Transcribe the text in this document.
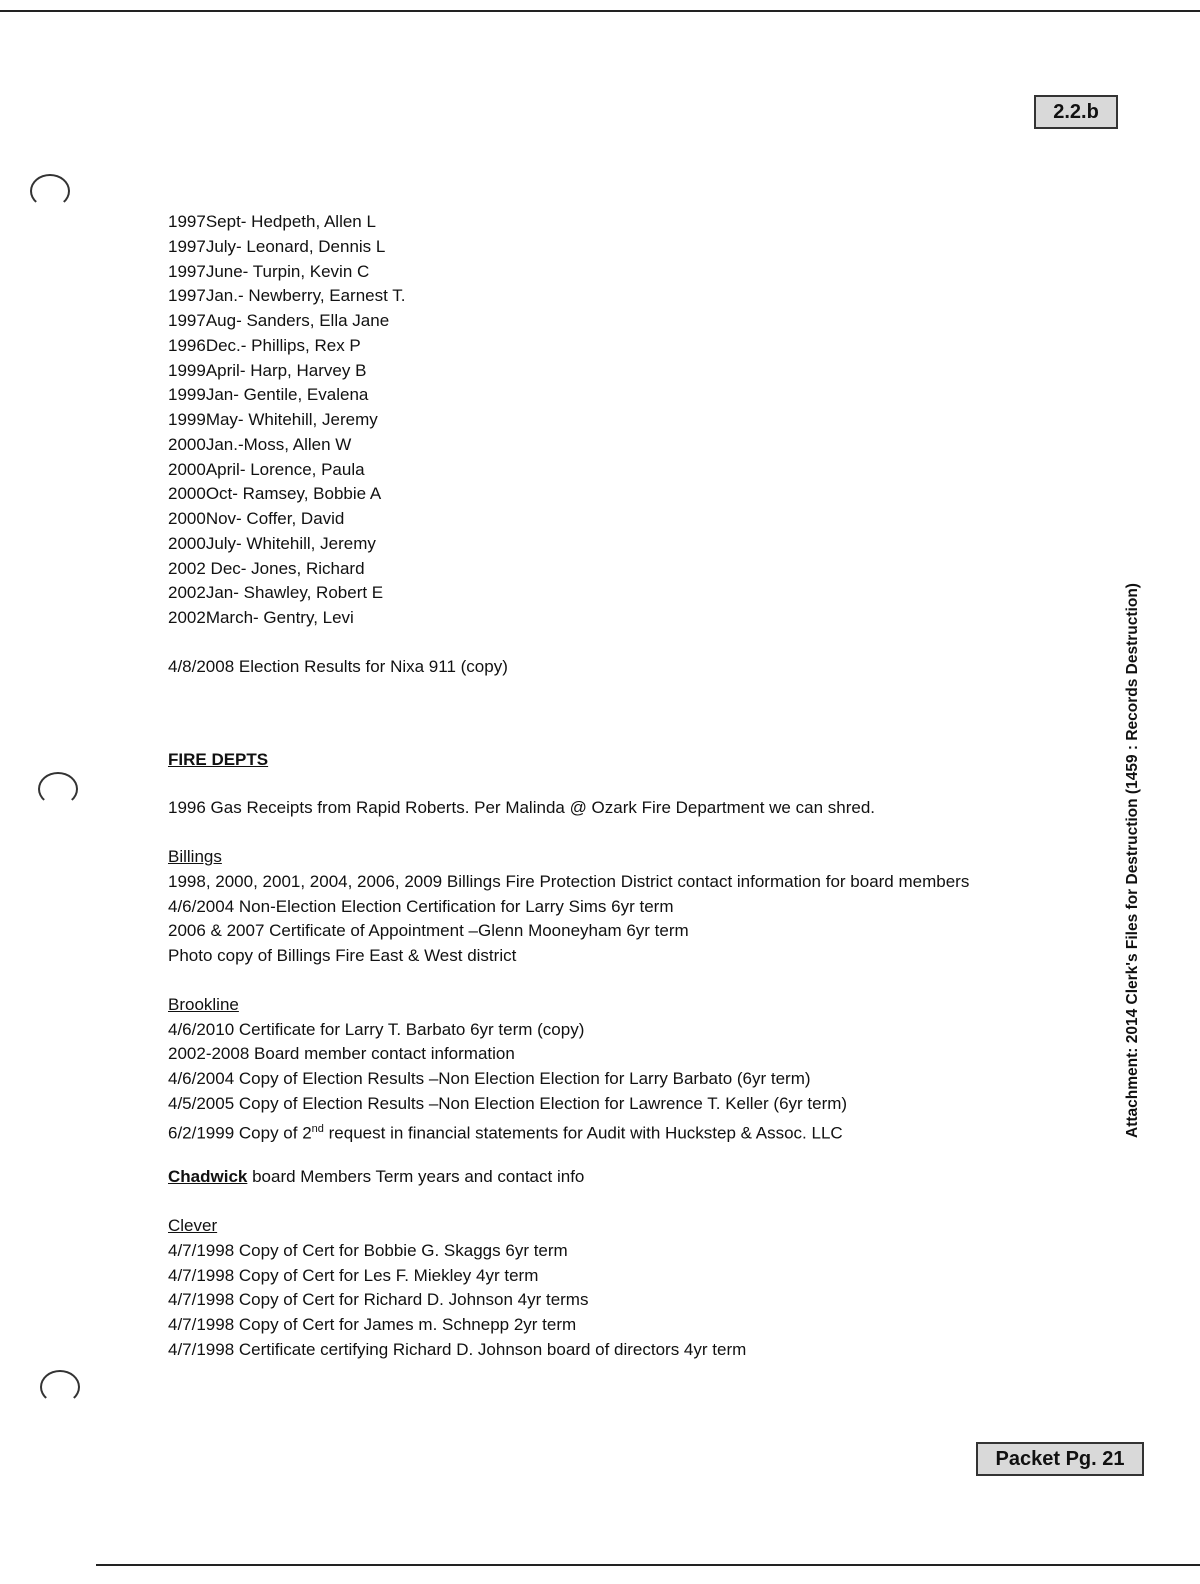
2.2.b
Attachment: 2014 Clerk's Files for Destruction (1459 : Records Destruction)
1997Sept- Hedpeth, Allen L
1997July- Leonard, Dennis L
1997June- Turpin, Kevin C
1997Jan.- Newberry, Earnest T.
1997Aug- Sanders, Ella Jane
1996Dec.- Phillips, Rex P
1999April- Harp, Harvey B
1999Jan- Gentile, Evalena
1999May- Whitehill, Jeremy
2000Jan.-Moss, Allen W
2000April- Lorence, Paula
2000Oct- Ramsey, Bobbie A
2000Nov- Coffer, David
2000July- Whitehill, Jeremy
2002 Dec- Jones, Richard
2002Jan- Shawley, Robert E
2002March- Gentry, Levi
4/8/2008 Election Results for Nixa 911 (copy)
FIRE DEPTS
1996 Gas Receipts from Rapid Roberts. Per Malinda @ Ozark Fire Department we can shred.
Billings
1998, 2000, 2001, 2004, 2006, 2009 Billings Fire Protection District contact information for board members
4/6/2004 Non-Election Election Certification for Larry Sims 6yr term
2006 & 2007 Certificate of Appointment –Glenn Mooneyham 6yr term
Photo copy of Billings Fire East & West district
Brookline
4/6/2010 Certificate for Larry T. Barbato 6yr term (copy)
2002-2008 Board member contact information
4/6/2004 Copy of Election Results –Non Election Election for Larry Barbato (6yr term)
4/5/2005 Copy of Election Results –Non Election Election for Lawrence T. Keller (6yr term)
6/2/1999 Copy of 2nd request in financial statements for Audit with Huckstep & Assoc. LLC
Chadwick board Members Term years and contact info
Clever
4/7/1998 Copy of Cert for Bobbie G. Skaggs 6yr term
4/7/1998 Copy of Cert for Les F. Miekley 4yr term
4/7/1998 Copy of Cert for Richard D. Johnson 4yr terms
4/7/1998 Copy of Cert for James m. Schnepp 2yr term
4/7/1998 Certificate certifying Richard D. Johnson board of directors 4yr term
Packet Pg. 21
